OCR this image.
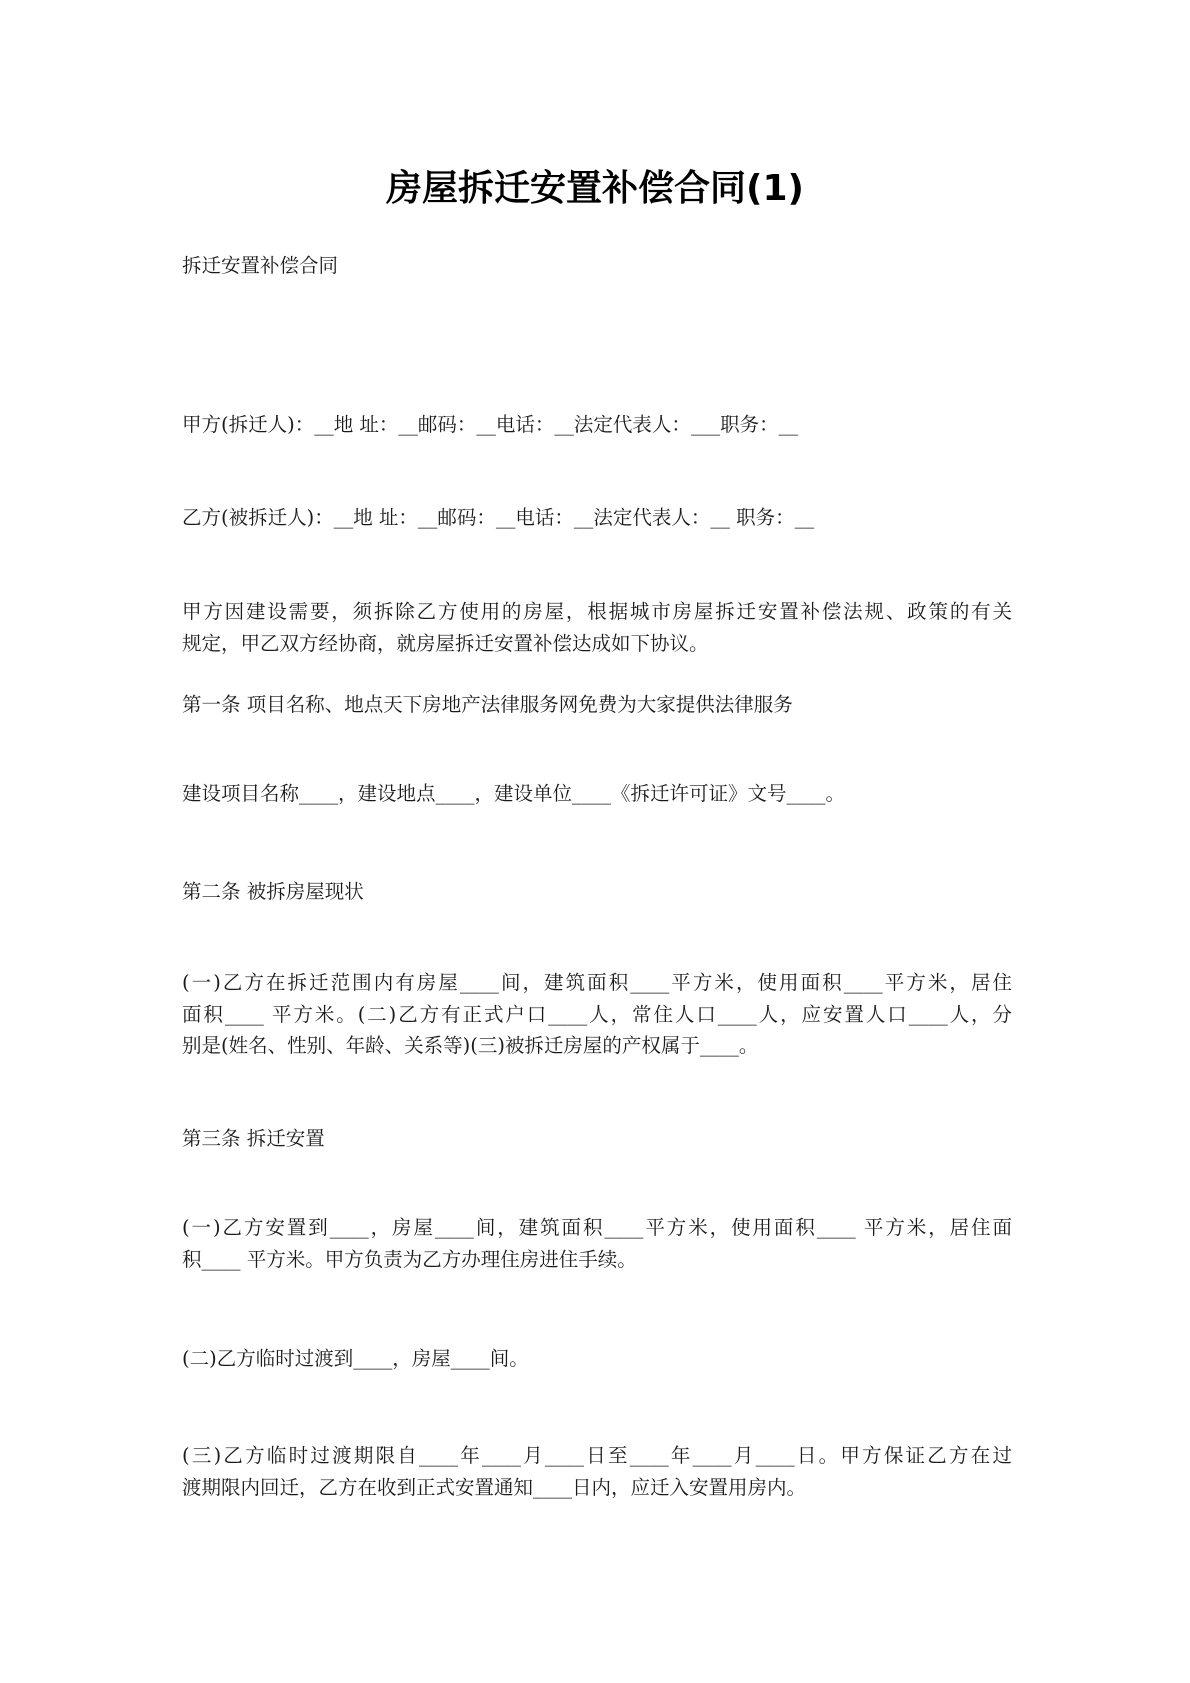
房屋拆迁安置补偿合同(1)
拆迁安置补偿合同
甲方(拆迁人)：__地 址：__邮码：__电话：__法定代表人：___职务：__
乙方(被拆迁人)：__地 址：__邮码：__电话：__法定代表人：__ 职务：__
甲方因建设需要，须拆除乙方使用的房屋，根据城市房屋拆迁安置补偿法规、政策的有关
规定，甲乙双方经协商，就房屋拆迁安置补偿达成如下协议。
第一条 项目名称、地点天下房地产法律服务网免费为大家提供法律服务
建设项目名称____，建设地点____，建设单位____《拆迁许可证》文号____。
第二条 被拆房屋现状
(一)乙方在拆迁范围内有房屋____间，建筑面积____平方米，使用面积____平方米，居住
面积____ 平方米。(二)乙方有正式户口____人，常住人口____人，应安置人口____人，分
别是(姓名、性别、年龄、关系等)(三)被拆迁房屋的产权属于____。
第三条 拆迁安置
(一)乙方安置到____，房屋____间，建筑面积____平方米，使用面积____ 平方米，居住面
积____ 平方米。甲方负责为乙方办理住房进住手续。
(二)乙方临时过渡到____，房屋____间。
(三)乙方临时过渡期限自____年____月____日至____年____月____日。甲方保证乙方在过
渡期限内回迁，乙方在收到正式安置通知____日内，应迁入安置用房内。
